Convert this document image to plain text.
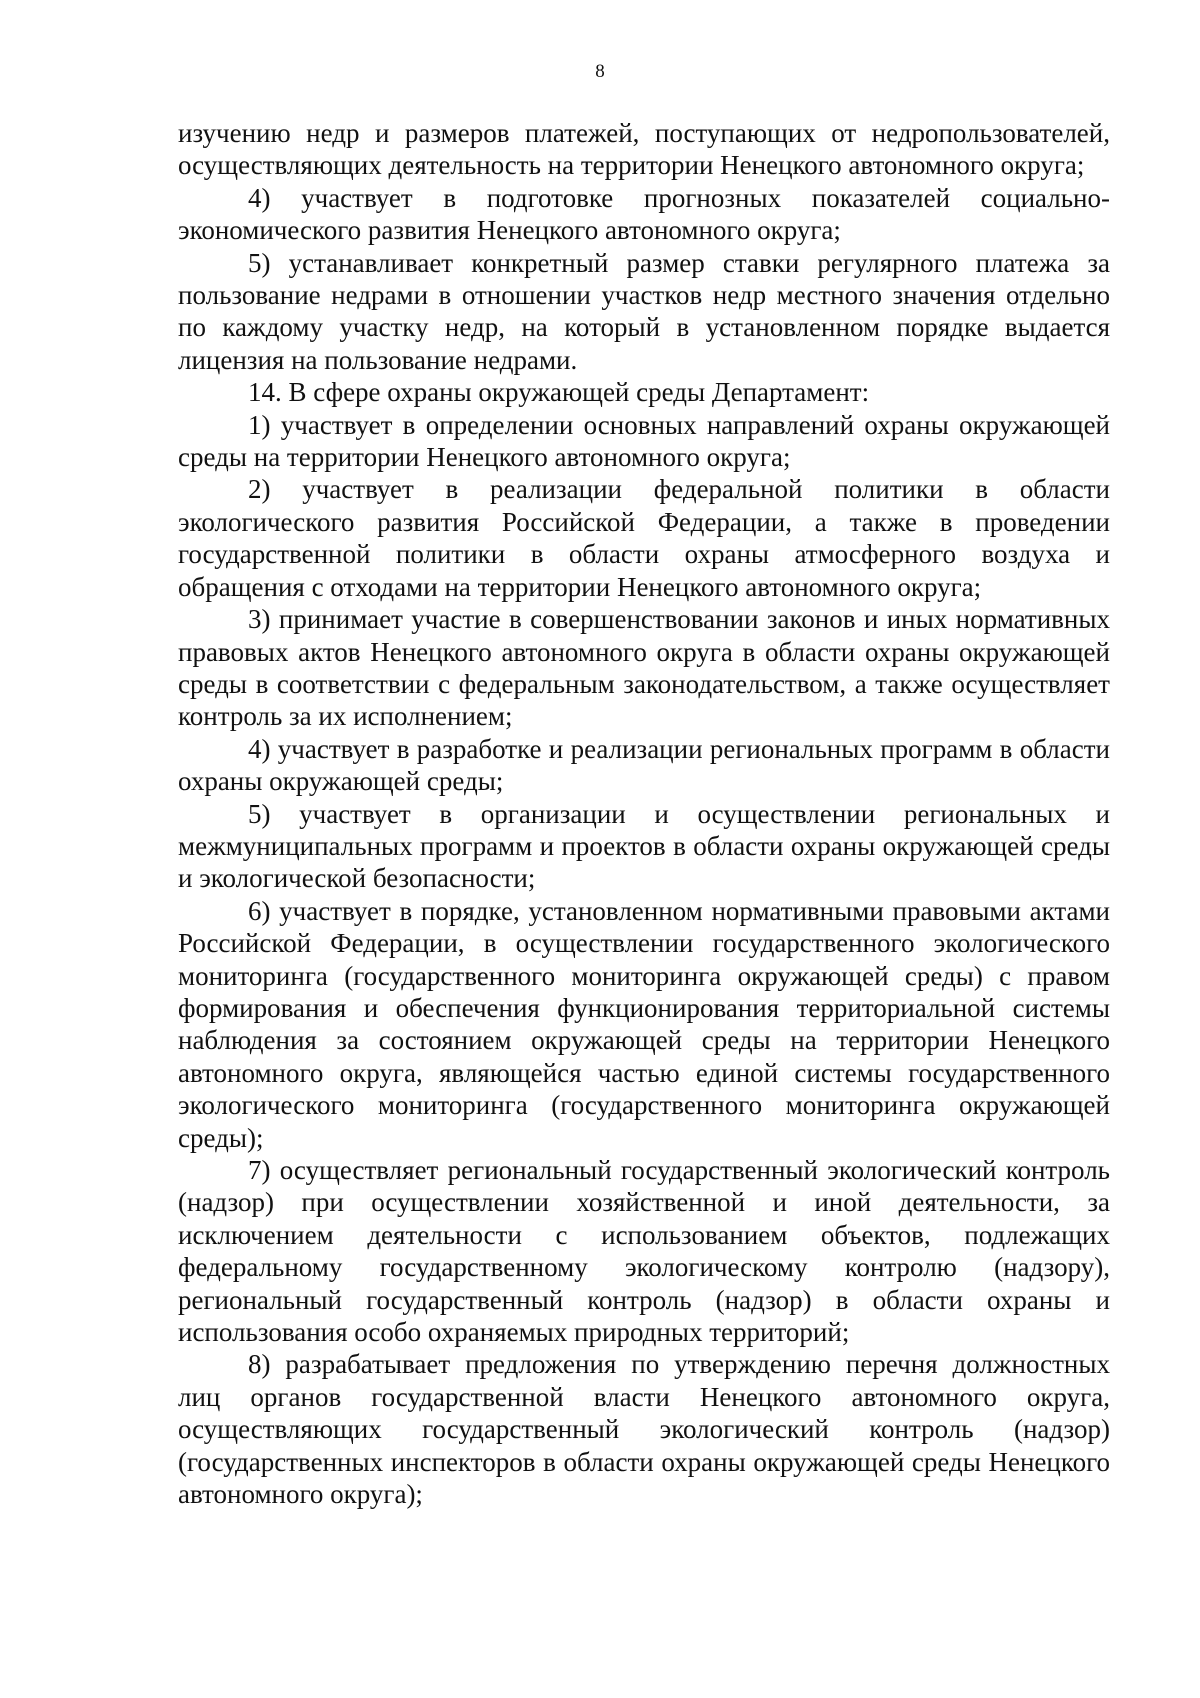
8

изучению недр и размеров платежей, поступающих от недропользователей, осуществляющих деятельность на территории Ненецкого автономного округа;

4) участвует в подготовке прогнозных показателей социально-экономического развития Ненецкого автономного округа;

5) устанавливает конкретный размер ставки регулярного платежа за пользование недрами в отношении участков недр местного значения отдельно по каждому участку недр, на который в установленном порядке выдается лицензия на пользование недрами.

14. В сфере охраны окружающей среды Департамент:

1) участвует в определении основных направлений охраны окружающей среды на территории Ненецкого автономного округа;

2) участвует в реализации федеральной политики в области экологического развития Российской Федерации, а также в проведении государственной политики в области охраны атмосферного воздуха и обращения с отходами на территории Ненецкого автономного округа;

3) принимает участие в совершенствовании законов и иных нормативных правовых актов Ненецкого автономного округа в области охраны окружающей среды в соответствии с федеральным законодательством, а также осуществляет контроль за их исполнением;

4) участвует в разработке и реализации региональных программ в области охраны окружающей среды;

5) участвует в организации и осуществлении региональных и межмуниципальных программ и проектов в области охраны окружающей среды и экологической безопасности;

6) участвует в порядке, установленном нормативными правовыми актами Российской Федерации, в осуществлении государственного экологического мониторинга (государственного мониторинга окружающей среды) с правом формирования и обеспечения функционирования территориальной системы наблюдения за состоянием окружающей среды на территории Ненецкого автономного округа, являющейся частью единой системы государственного экологического мониторинга (государственного мониторинга окружающей среды);

7) осуществляет региональный государственный экологический контроль (надзор) при осуществлении хозяйственной и иной деятельности, за исключением деятельности с использованием объектов, подлежащих федеральному государственному экологическому контролю (надзору), региональный государственный контроль (надзор) в области охраны и использования особо охраняемых природных территорий;

8) разрабатывает предложения по утверждению перечня должностных лиц органов государственной власти Ненецкого автономного округа, осуществляющих государственный экологический контроль (надзор) (государственных инспекторов в области охраны окружающей среды Ненецкого автономного округа);
